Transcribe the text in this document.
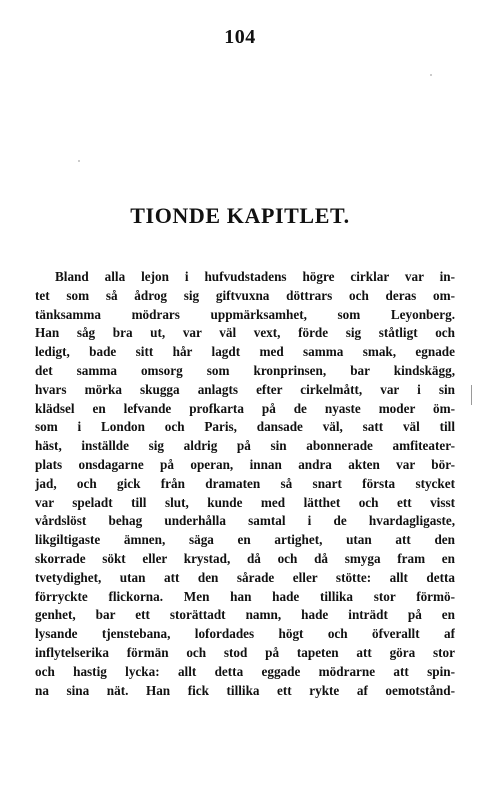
104
TIONDE KAPITLET.
Bland alla lejon i hufvudstadens högre cirklar var in-
tet som så ådrog sig giftvuxna döttrars och deras om-
tänksamma mödrars uppmärksamhet, som Leyonberg.
Han såg bra ut, var väl vext, förde sig ståtligt och
ledigt, bade sitt hår lagdt med samma smak, egnade
det samma omsorg som kronprinsen, bar kindskägg,
hvars mörka skugga anlagts efter cirkelmått, var i sin
klädsel en lefvande profkarta på de nyaste moder öm-
som i London och Paris, dansade väl, satt väl till
häst, inställde sig aldrig på sin abonnerade amfiteater-
plats onsdagarne på operan, innan andra akten var bör-
jad, och gick från dramaten så snart första stycket
var speladt till slut, kunde med lätthet och ett visst
vårdslöst behag underhålla samtal i de hvardagligaste,
likgiltigaste ämnen, säga en artighet, utan att den
skorrade sökt eller krystad, då och då smyga fram en
tvetydighet, utan att den sårade eller stötte: allt detta
förryckte flickorna. Men han hade tillika stor förmö-
genhet, bar ett storättadt namn, hade inträdt på en
lysande tjenstebana, lofordades högt och öfverallt af
inflytelserika förmän och stod på tapeten att göra stor
och hastig lycka: allt detta eggade mödrarne att spin-
na sina nät. Han fick tillika ett rykte af oemotstånd-
